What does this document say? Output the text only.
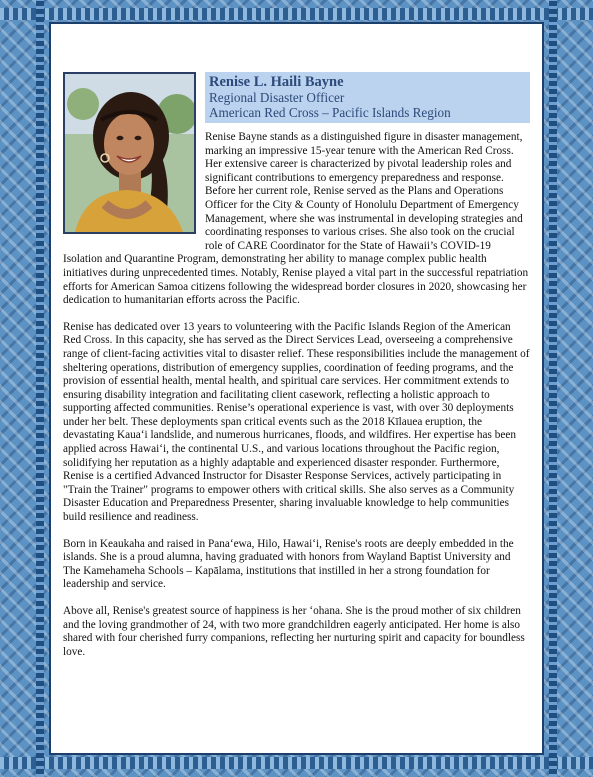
Renise L. Haili Bayne
Regional Disaster Officer
American Red Cross – Pacific Islands Region

Renise Bayne stands as a distinguished figure in disaster management, marking an impressive 15-year tenure with the American Red Cross. Her extensive career is characterized by pivotal leadership roles and significant contributions to emergency preparedness and response. Before her current role, Renise served as the Plans and Operations Officer for the City & County of Honolulu Department of Emergency Management, where she was instrumental in developing strategies and coordinating responses to various crises. She also took on the crucial role of CARE Coordinator for the State of Hawaii’s COVID-19 Isolation and Quarantine Program, demonstrating her ability to manage complex public health initiatives during unprecedented times. Notably, Renise played a vital part in the successful repatriation efforts for American Samoa citizens following the widespread border closures in 2020, showcasing her dedication to humanitarian efforts across the Pacific.

Renise has dedicated over 13 years to volunteering with the Pacific Islands Region of the American Red Cross. In this capacity, she has served as the Direct Services Lead, overseeing a comprehensive range of client-facing activities vital to disaster relief. These responsibilities include the management of sheltering operations, distribution of emergency supplies, coordination of feeding programs, and the provision of essential health, mental health, and spiritual care services. Her commitment extends to ensuring disability integration and facilitating client casework, reflecting a holistic approach to supporting affected communities. Renise’s operational experience is vast, with over 30 deployments under her belt. These deployments span critical events such as the 2018 Kīlauea eruption, the devastating Kaua‘i landslide, and numerous hurricanes, floods, and wildfires. Her expertise has been applied across Hawai‘i, the continental U.S., and various locations throughout the Pacific region, solidifying her reputation as a highly adaptable and experienced disaster responder. Furthermore, Renise is a certified Advanced Instructor for Disaster Response Services, actively participating in "Train the Trainer" programs to empower others with critical skills. She also serves as a Community Disaster Education and Preparedness Presenter, sharing invaluable knowledge to help communities build resilience and readiness.

Born in Keaukaha and raised in Pana‘ewa, Hilo, Hawai‘i, Renise's roots are deeply embedded in the islands. She is a proud alumna, having graduated with honors from Wayland Baptist University and The Kamehameha Schools – Kapālama, institutions that instilled in her a strong foundation for leadership and service.

Above all, Renise's greatest source of happiness is her ‘ohana. She is the proud mother of six children and the loving grandmother of 24, with two more grandchildren eagerly anticipated. Her home is also shared with four cherished furry companions, reflecting her nurturing spirit and capacity for boundless love.
